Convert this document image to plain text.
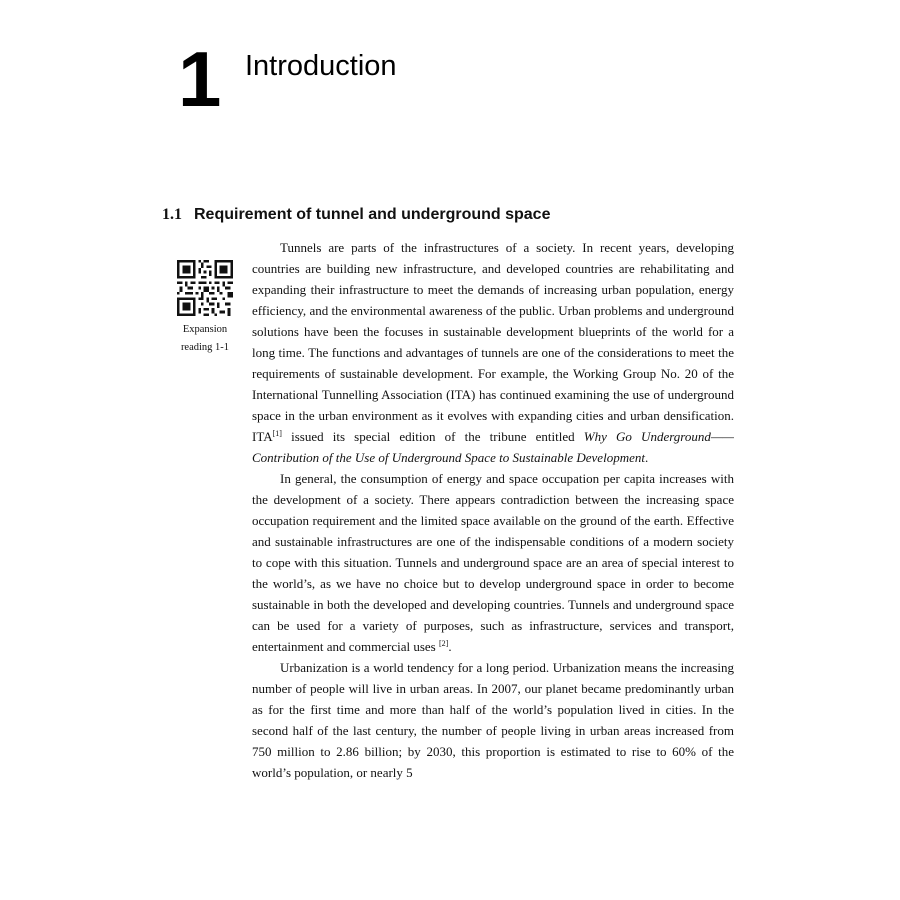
1 Introduction
1.1 Requirement of tunnel and underground space
Expansion
reading 1-1

Tunnels are parts of the infrastructures of a society. In recent years, developing countries are building new infrastructure, and developed countries are rehabilitating and expanding their infrastructure to meet the demands of increasing urban population, energy efficiency, and the environmental awareness of the public. Urban problems and underground solutions have been the focuses in sustainable development blueprints of the world for a long time. The functions and advantages of tunnels are one of the considerations to meet the requirements of sustainable development. For example, the Working Group No. 20 of the International Tunnelling Association (ITA) has continued examining the use of underground space in the urban environment as it evolves with expanding cities and urban densification. ITA[1] issued its special edition of the tribune entitled Why Go Underground——Contribution of the Use of Underground Space to Sustainable Development.

In general, the consumption of energy and space occupation per capita increases with the development of a society. There appears contradiction between the increasing space occupation requirement and the limited space available on the ground of the earth. Effective and sustainable infrastructures are one of the indispensable conditions of a modern society to cope with this situation. Tunnels and underground space are an area of special interest to the world’s, as we have no choice but to develop underground space in order to become sustainable in both the developed and developing countries. Tunnels and underground space can be used for a variety of purposes, such as infrastructure, services and transport, entertainment and commercial uses [2].

Urbanization is a world tendency for a long period. Urbanization means the increasing number of people will live in urban areas. In 2007, our planet became predominantly urban as for the first time and more than half of the world’s population lived in cities. In the second half of the last century, the number of people living in urban areas increased from 750 million to 2.86 billion; by 2030, this proportion is estimated to rise to 60% of the world’s population, or nearly 5
